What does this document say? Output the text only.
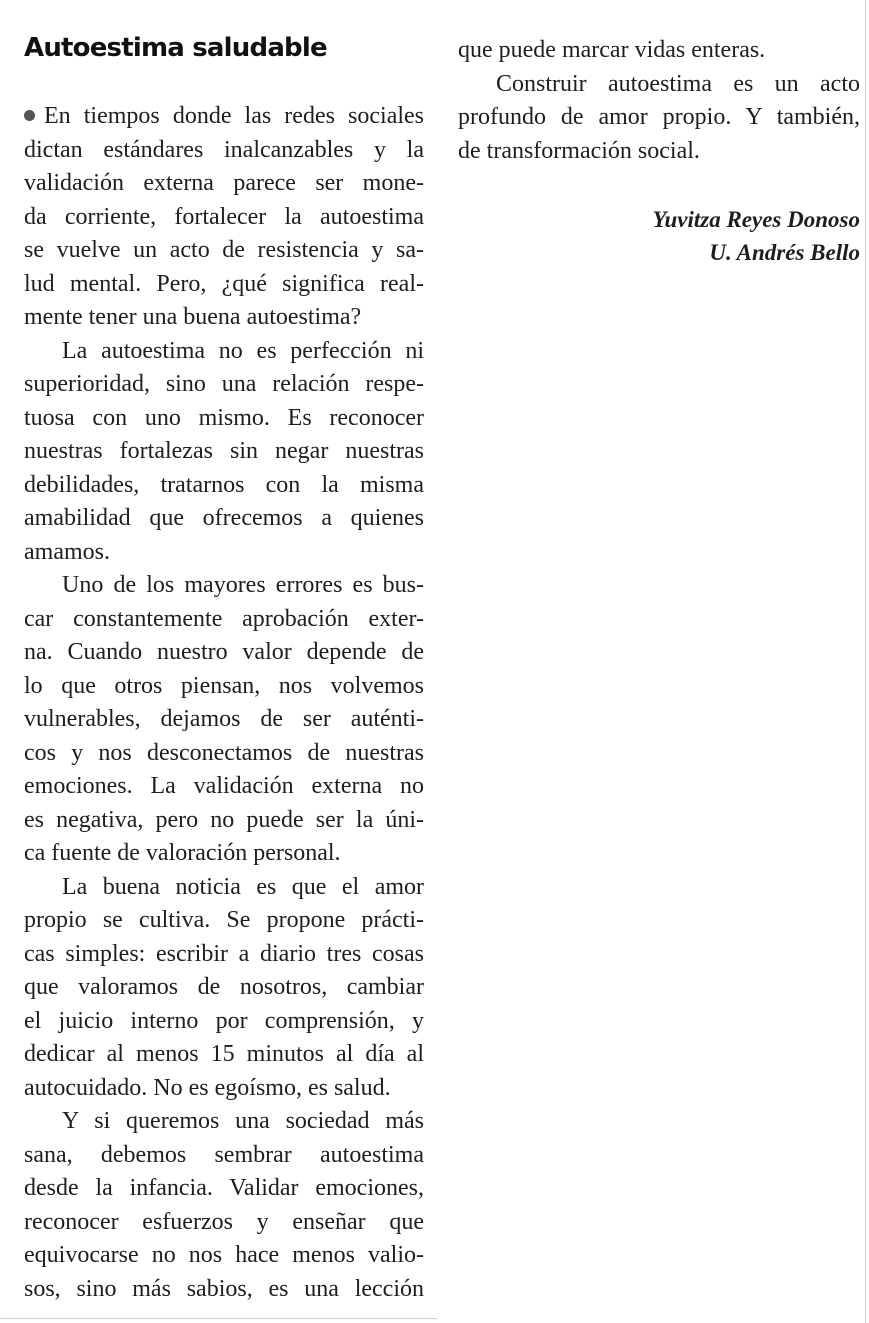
Autoestima saludable
En tiempos donde las redes sociales
dictan estándares inalcanzables y la
validación externa parece ser mone-
da corriente, fortalecer la autoestima
se vuelve un acto de resistencia y sa-
lud mental. Pero, ¿qué significa real-
mente tener una buena autoestima?
La autoestima no es perfección ni
superioridad, sino una relación respe-
tuosa con uno mismo. Es reconocer
nuestras fortalezas sin negar nuestras
debilidades, tratarnos con la misma
amabilidad que ofrecemos a quienes
amamos.
Uno de los mayores errores es bus-
car constantemente aprobación exter-
na. Cuando nuestro valor depende de
lo que otros piensan, nos volvemos
vulnerables, dejamos de ser auténti-
cos y nos desconectamos de nuestras
emociones. La validación externa no
es negativa, pero no puede ser la úni-
ca fuente de valoración personal.
La buena noticia es que el amor
propio se cultiva. Se propone prácti-
cas simples: escribir a diario tres cosas
que valoramos de nosotros, cambiar
el juicio interno por comprensión, y
dedicar al menos 15 minutos al día al
autocuidado. No es egoísmo, es salud.
Y si queremos una sociedad más
sana, debemos sembrar autoestima
desde la infancia. Validar emociones,
reconocer esfuerzos y enseñar que
equivocarse no nos hace menos valio-
sos, sino más sabios, es una lección
que puede marcar vidas enteras.
Construir autoestima es un acto
profundo de amor propio. Y también,
de transformación social.
Yuvitza Reyes Donoso
U. Andrés Bello
